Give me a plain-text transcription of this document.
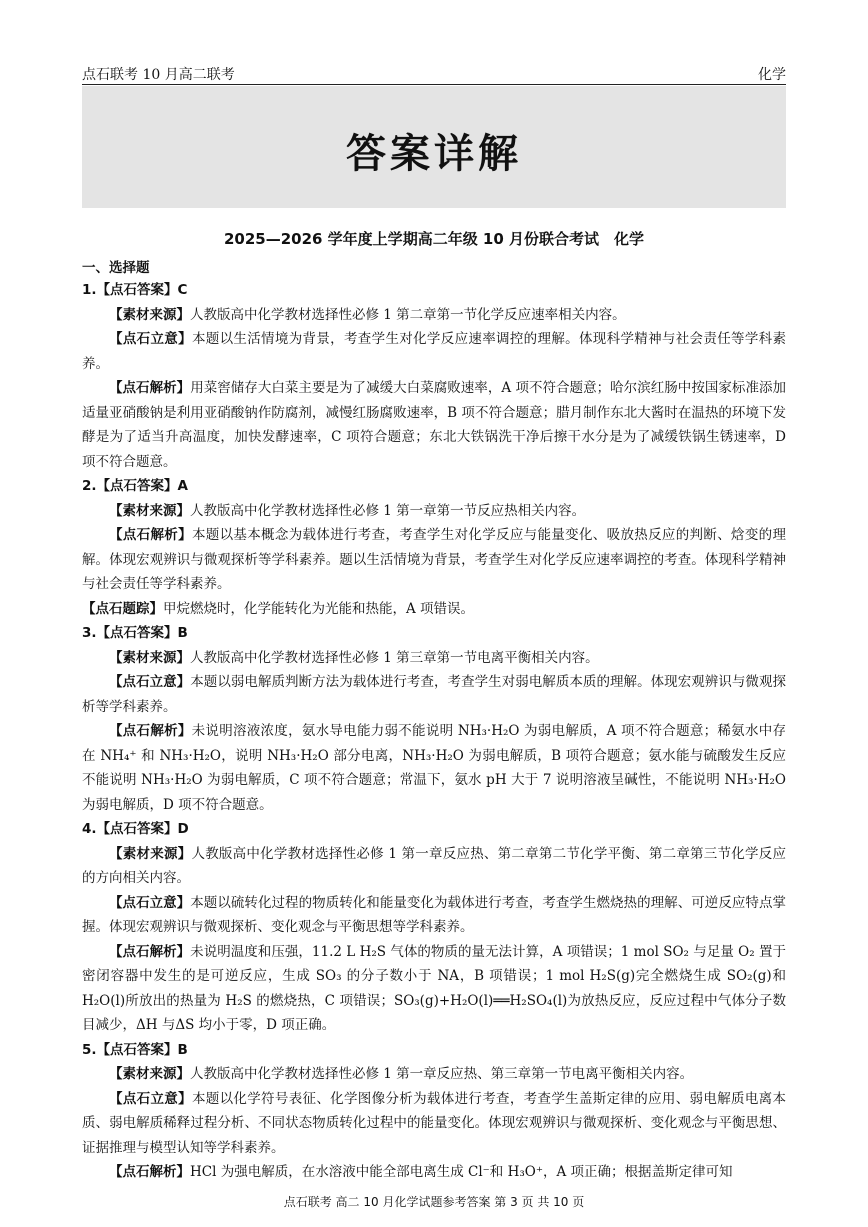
点石联考 10 月高二联考	化学
答案详解
2025—2026 学年度上学期高二年级 10 月份联合考试　化学
一、选择题
1.【点石答案】C
【素材来源】人教版高中化学教材选择性必修 1 第二章第一节化学反应速率相关内容。
【点石立意】本题以生活情境为背景，考查学生对化学反应速率调控的理解。体现科学精神与社会责任等学科素养。
【点石解析】用菜窖储存大白菜主要是为了减缓大白菜腐败速率，A 项不符合题意；哈尔滨红肠中按国家标准添加适量亚硝酸钠是利用亚硝酸钠作防腐剂，减慢红肠腐败速率，B 项不符合题意；腊月制作东北大酱时在温热的环境下发酵是为了适当升高温度，加快发酵速率，C 项符合题意；东北大铁锅洗干净后擦干水分是为了减缓铁锅生锈速率，D 项不符合题意。
2.【点石答案】A
【素材来源】人教版高中化学教材选择性必修 1 第一章第一节反应热相关内容。
【点石解析】本题以基本概念为载体进行考查，考查学生对化学反应与能量变化、吸放热反应的判断、焓变的理解。体现宏观辨识与微观探析等学科素养。题以生活情境为背景，考查学生对化学反应速率调控的考查。体现科学精神与社会责任等学科素养。
【点石题踪】甲烷燃烧时，化学能转化为光能和热能，A 项错误。
3.【点石答案】B
【素材来源】人教版高中化学教材选择性必修 1 第三章第一节电离平衡相关内容。
【点石立意】本题以弱电解质判断方法为载体进行考查，考查学生对弱电解质本质的理解。体现宏观辨识与微观探析等学科素养。
【点石解析】未说明溶液浓度，氨水导电能力弱不能说明 NH₃·H₂O 为弱电解质，A 项不符合题意；稀氨水中存在 NH₄⁺ 和 NH₃·H₂O，说明 NH₃·H₂O 部分电离，NH₃·H₂O 为弱电解质，B 项符合题意；氨水能与硫酸发生反应不能说明 NH₃·H₂O 为弱电解质，C 项不符合题意；常温下，氨水 pH 大于 7 说明溶液呈碱性，不能说明 NH₃·H₂O 为弱电解质，D 项不符合题意。
4.【点石答案】D
【素材来源】人教版高中化学教材选择性必修 1 第一章反应热、第二章第二节化学平衡、第二章第三节化学反应的方向相关内容。
【点石立意】本题以硫转化过程的物质转化和能量变化为载体进行考查，考查学生燃烧热的理解、可逆反应特点掌握。体现宏观辨识与微观探析、变化观念与平衡思想等学科素养。
【点石解析】未说明温度和压强，11.2 L H₂S 气体的物质的量无法计算，A 项错误；1 mol SO₂ 与足量 O₂ 置于密闭容器中发生的是可逆反应，生成 SO₃ 的分子数小于 NA，B 项错误；1 mol H₂S(g)完全燃烧生成 SO₂(g)和 H₂O(l)所放出的热量为 H₂S 的燃烧热，C 项错误；SO₃(g)+H₂O(l)══H₂SO₄(l)为放热反应，反应过程中气体分子数目减少，ΔH 与ΔS 均小于零，D 项正确。
5.【点石答案】B
【素材来源】人教版高中化学教材选择性必修 1 第一章反应热、第三章第一节电离平衡相关内容。
【点石立意】本题以化学符号表征、化学图像分析为载体进行考查，考查学生盖斯定律的应用、弱电解质电离本质、弱电解质稀释过程分析、不同状态物质转化过程中的能量变化。体现宏观辨识与微观探析、变化观念与平衡思想、证据推理与模型认知等学科素养。
【点石解析】HCl 为强电解质，在水溶液中能全部电离生成 Cl⁻和 H₃O⁺，A 项正确；根据盖斯定律可知
点石联考 高二 10 月化学试题参考答案 第 3 页 共 10 页
